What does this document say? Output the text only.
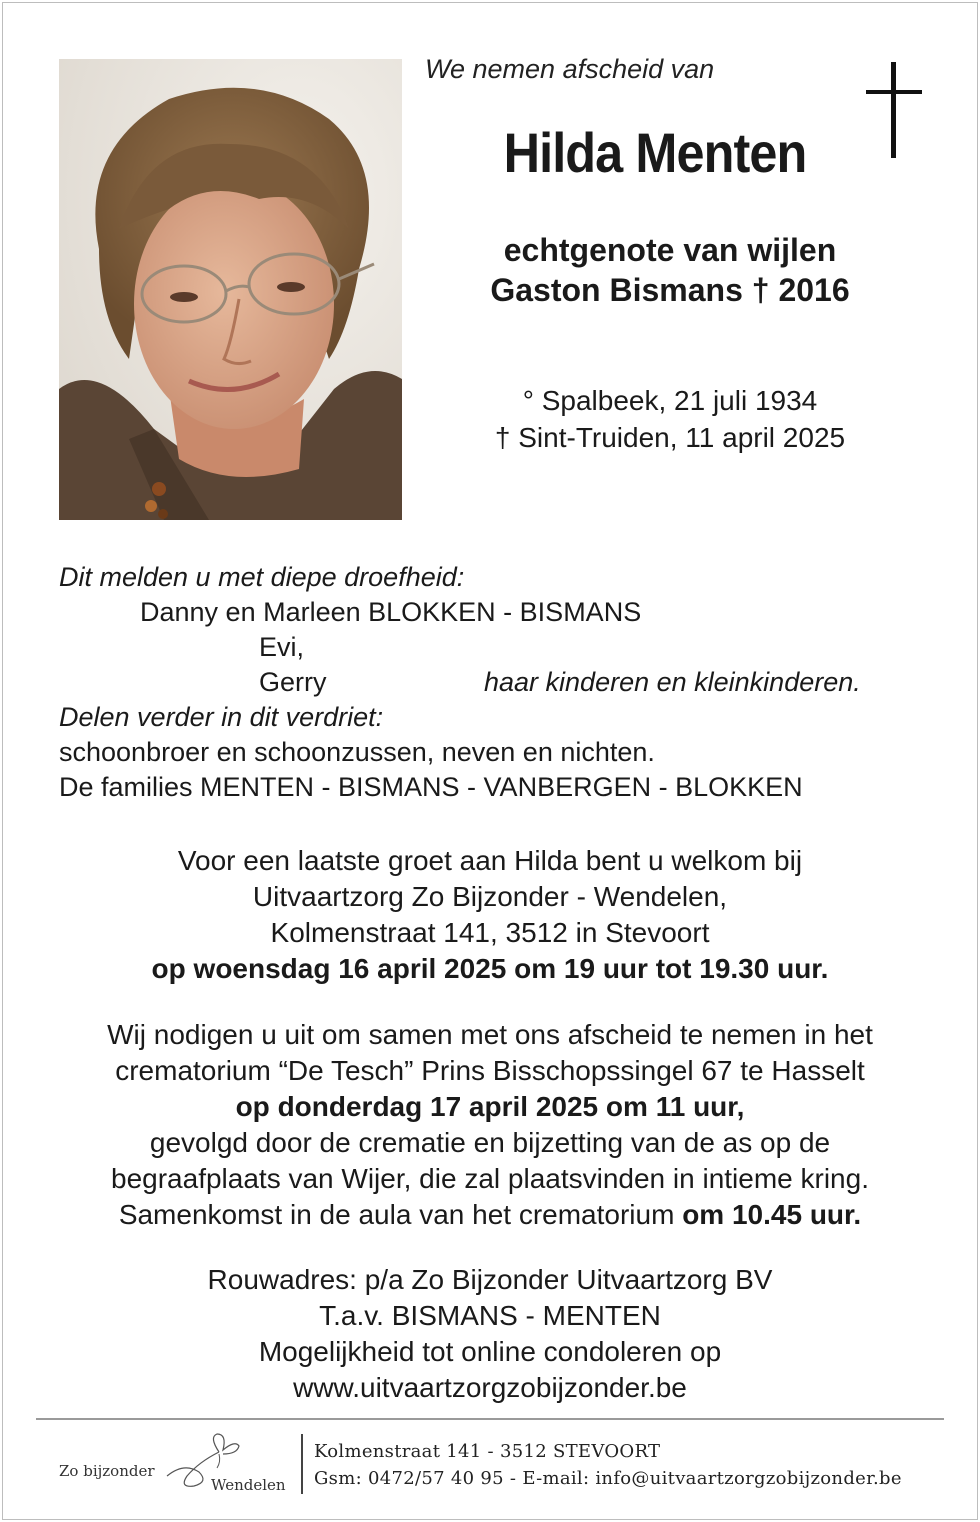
We nemen afscheid van
Hilda Menten
echtgenote van wijlen
Gaston Bismans † 2016
° Spalbeek, 21 juli 1934
† Sint-Truiden, 11 april 2025
Dit melden u met diepe droefheid:
Danny en Marleen BLOKKEN - BISMANS
Evi,
Gerry	haar kinderen en kleinkinderen.
Delen verder in dit verdriet:
schoonbroer en schoonzussen, neven en nichten.
De families MENTEN - BISMANS - VANBERGEN - BLOKKEN
Voor een laatste groet aan Hilda bent u welkom bij
Uitvaartzorg Zo Bijzonder - Wendelen,
Kolmenstraat 141, 3512 in Stevoort
op woensdag 16 april 2025 om 19 uur tot 19.30 uur.
Wij nodigen u uit om samen met ons afscheid te nemen in het
crematorium “De Tesch” Prins Bisschopssingel 67 te Hasselt
op donderdag 17 april 2025 om 11 uur,
gevolgd door de crematie en bijzetting van de as op de
begraafplaats van Wijer, die zal plaatsvinden in intieme kring.
Samenkomst in de aula van het crematorium om 10.45 uur.
Rouwadres: p/a Zo Bijzonder Uitvaartzorg BV
T.a.v. BISMANS - MENTEN
Mogelijkheid tot online condoleren op
www.uitvaartzorgzobijzonder.be
Zo bijzonder
Wendelen
Kolmenstraat 141 - 3512 STEVOORT
Gsm: 0472/57 40 95 - E-mail: info@uitvaartzorgzobijzonder.be
